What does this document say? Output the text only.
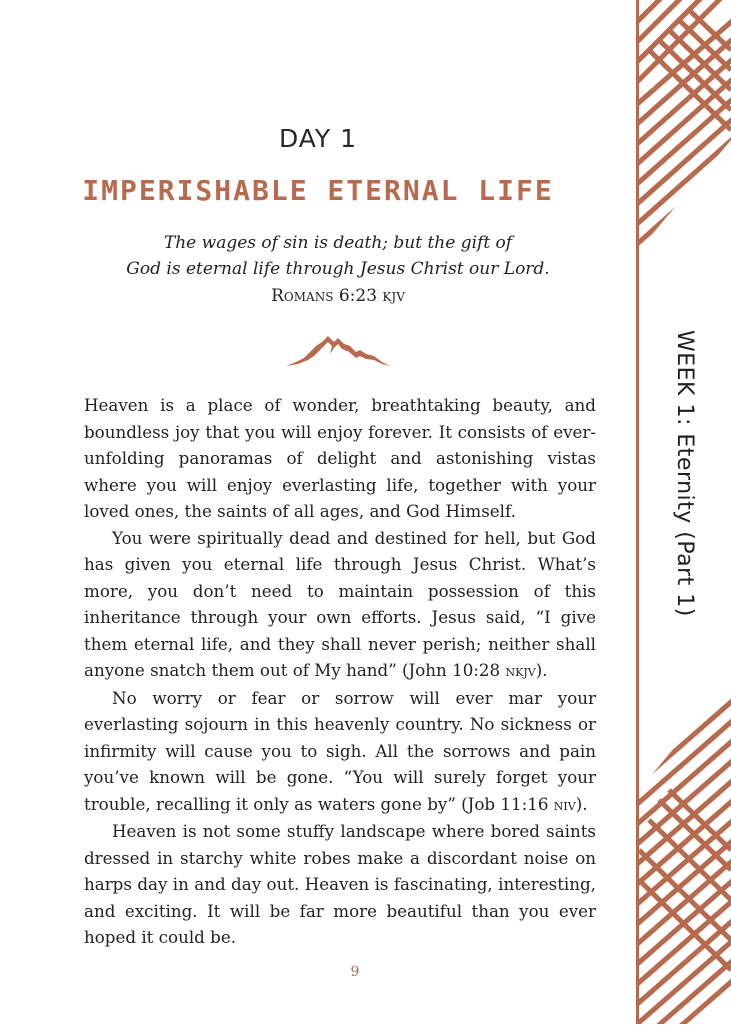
DAY 1
IMPERISHABLE ETERNAL LIFE
The wages of sin is death; but the gift of
God is eternal life through Jesus Christ our Lord.
Romans 6:23 kjv

Heaven is a place of wonder, breathtaking beauty, and boundless joy that you will enjoy forever. It consists of ever-unfolding panoramas of delight and astonishing vistas where you will enjoy everlasting life, together with your loved ones, the saints of all ages, and God Himself.

You were spiritually dead and destined for hell, but God has given you eternal life through Jesus Christ. What’s more, you don’t need to maintain possession of this inheritance through your own efforts. Jesus said, “I give them eternal life, and they shall never perish; neither shall anyone snatch them out of My hand” (John 10:28 nkjv).

No worry or fear or sorrow will ever mar your everlasting sojourn in this heavenly country. No sickness or infirmity will cause you to sigh. All the sorrows and pain you’ve known will be gone. “You will surely forget your trouble, recalling it only as waters gone by” (Job 11:16 niv).

Heaven is not some stuffy landscape where bored saints dressed in starchy white robes make a discordant noise on harps day in and day out. Heaven is fascinating, interesting, and exciting. It will be far more beautiful than you ever hoped it could be.

9
WEEK 1: Eternity (Part 1)
